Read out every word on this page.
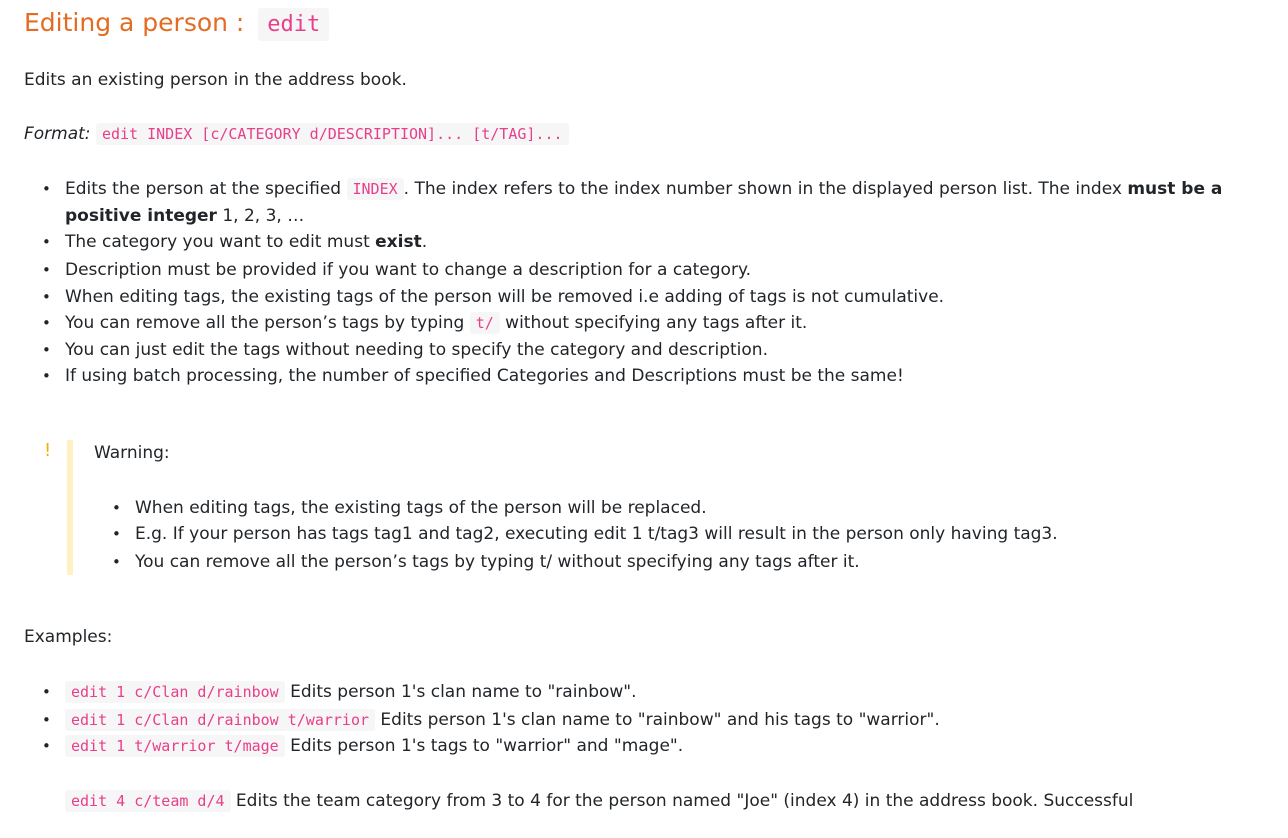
Editing a person : edit

Edits an existing person in the address book.

Format: edit INDEX [c/CATEGORY d/DESCRIPTION]... [t/TAG]...

• Edits the person at the specified INDEX . The index refers to the index number shown in the displayed person list. The index must be a positive integer 1, 2, 3, …
• The category you want to edit must exist.
• Description must be provided if you want to change a description for a category.
• When editing tags, the existing tags of the person will be removed i.e adding of tags is not cumulative.
• You can remove all the person’s tags by typing t/ without specifying any tags after it.
• You can just edit the tags without needing to specify the category and description.
• If using batch processing, the number of specified Categories and Descriptions must be the same!
!	Warning:
• When editing tags, the existing tags of the person will be replaced.
• E.g. If your person has tags tag1 and tag2, executing edit 1 t/tag3 will result in the person only having tag3.
• You can remove all the person’s tags by typing t/ without specifying any tags after it.

Examples:

• edit 1 c/Clan d/rainbow Edits person 1's clan name to "rainbow".
• edit 1 c/Clan d/rainbow t/warrior Edits person 1's clan name to "rainbow" and his tags to "warrior".
• edit 1 t/warrior t/mage Edits person 1's tags to "warrior" and "mage".

edit 4 c/team d/4 Edits the team category from 3 to 4 for the person named "Joe" (index 4) in the address book. Successful
